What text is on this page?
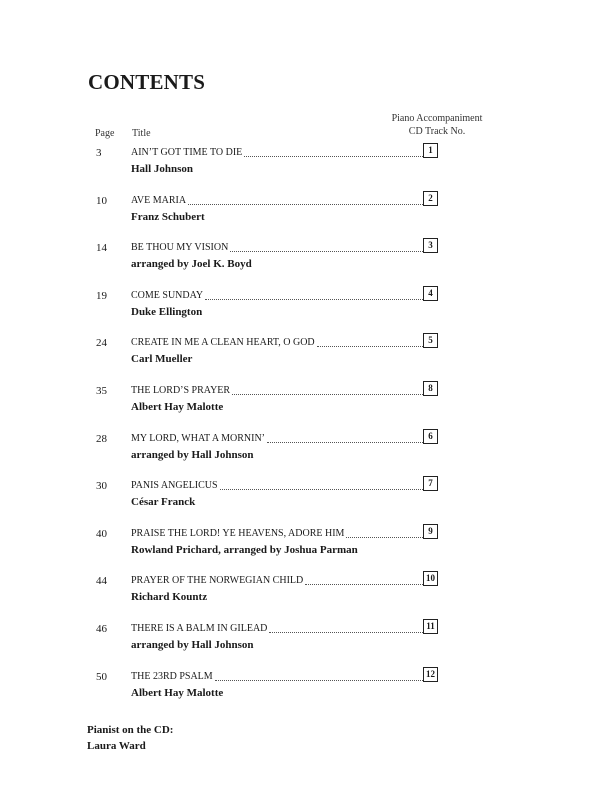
CONTENTS
Piano Accompaniment
CD Track No.
Page Title
3	AIN’T GOT TIME TO DIE	1
Hall Johnson
10	AVE MARIA	2
Franz Schubert
14	BE THOU MY VISION	3
arranged by Joel K. Boyd
19	COME SUNDAY	4
Duke Ellington
24	CREATE IN ME A CLEAN HEART, O GOD	5
Carl Mueller
35	THE LORD’S PRAYER	8
Albert Hay Malotte
28	MY LORD, WHAT A MORNIN’	6
arranged by Hall Johnson
30	PANIS ANGELICUS	7
César Franck
40	PRAISE THE LORD! YE HEAVENS, ADORE HIM	9
Rowland Prichard, arranged by Joshua Parman
44	PRAYER OF THE NORWEGIAN CHILD	10
Richard Kountz
46	THERE IS A BALM IN GILEAD	11
arranged by Hall Johnson
50	THE 23RD PSALM	12
Albert Hay Malotte
Pianist on the CD:
Laura Ward
